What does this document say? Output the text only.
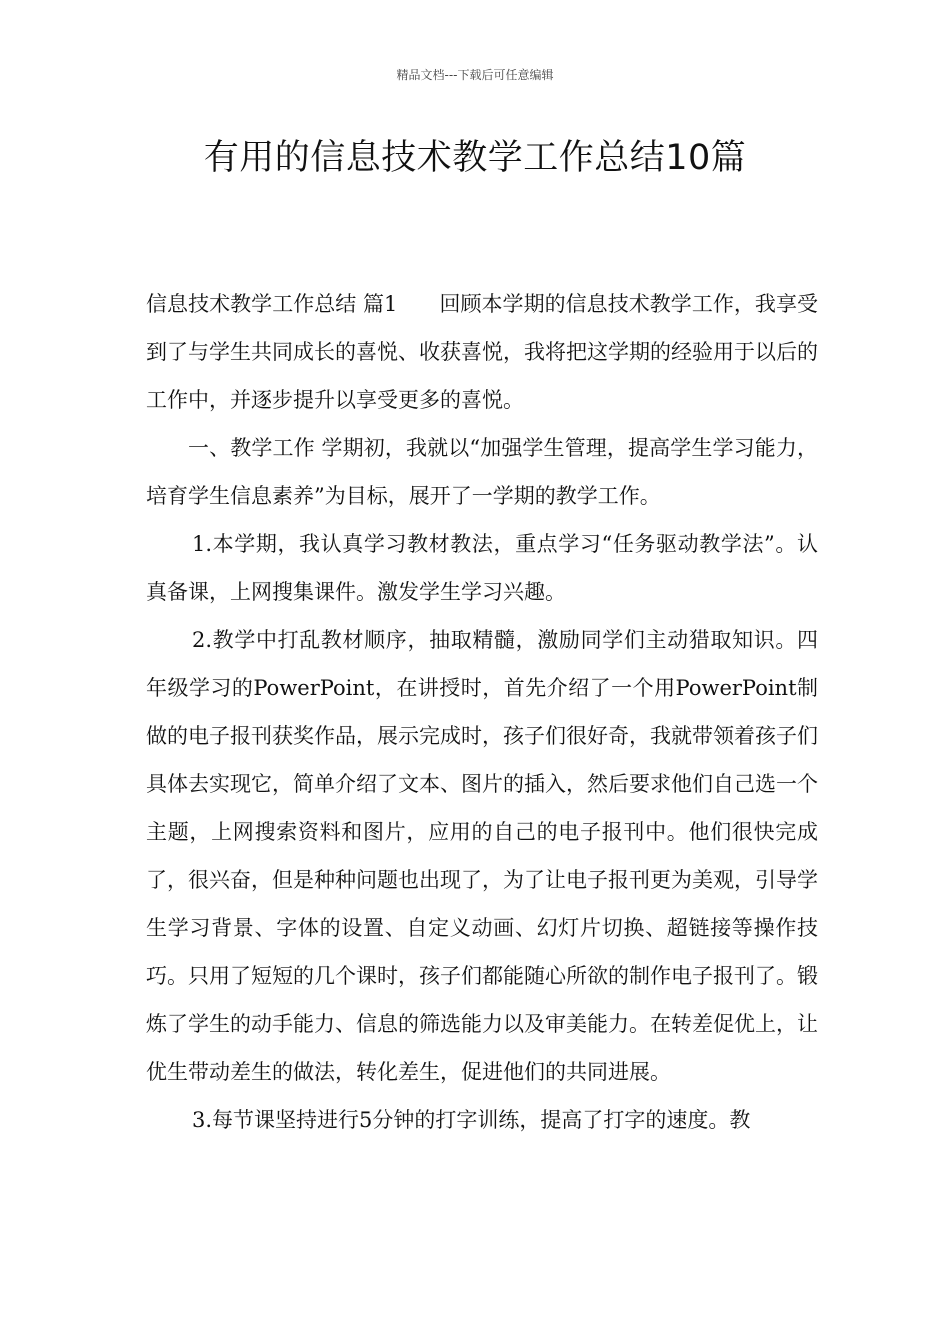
精品文档---下载后可任意编辑
有用的信息技术教学工作总结10篇

信息技术教学工作总结 篇1 回顾本学期的信息技术教学工作，我享受到了与学生共同成长的喜悦、收获喜悦，我将把这学期的经验用于以后的工作中，并逐步提升以享受更多的喜悦。

一、教学工作 学期初，我就以“加强学生管理，提高学生学习能力，培育学生信息素养”为目标，展开了一学期的教学工作。

1.本学期，我认真学习教材教法，重点学习“任务驱动教学法”。认真备课，上网搜集课件。激发学生学习兴趣。

2.教学中打乱教材顺序，抽取精髓，激励同学们主动猎取知识。四年级学习的PowerPoint，在讲授时，首先介绍了一个用PowerPoint制做的电子报刊获奖作品，展示完成时，孩子们很好奇，我就带领着孩子们具体去实现它，简单介绍了文本、图片的插入，然后要求他们自己选一个主题，上网搜索资料和图片，应用的自己的电子报刊中。他们很快完成了，很兴奋，但是种种问题也出现了，为了让电子报刊更为美观，引导学生学习背景、字体的设置、自定义动画、幻灯片切换、超链接等操作技巧。只用了短短的几个课时，孩子们都能随心所欲的制作电子报刊了。锻炼了学生的动手能力、信息的筛选能力以及审美能力。在转差促优上，让优生带动差生的做法，转化差生，促进他们的共同进展。

3.每节课坚持进行5分钟的打字训练，提高了打字的速度。教
